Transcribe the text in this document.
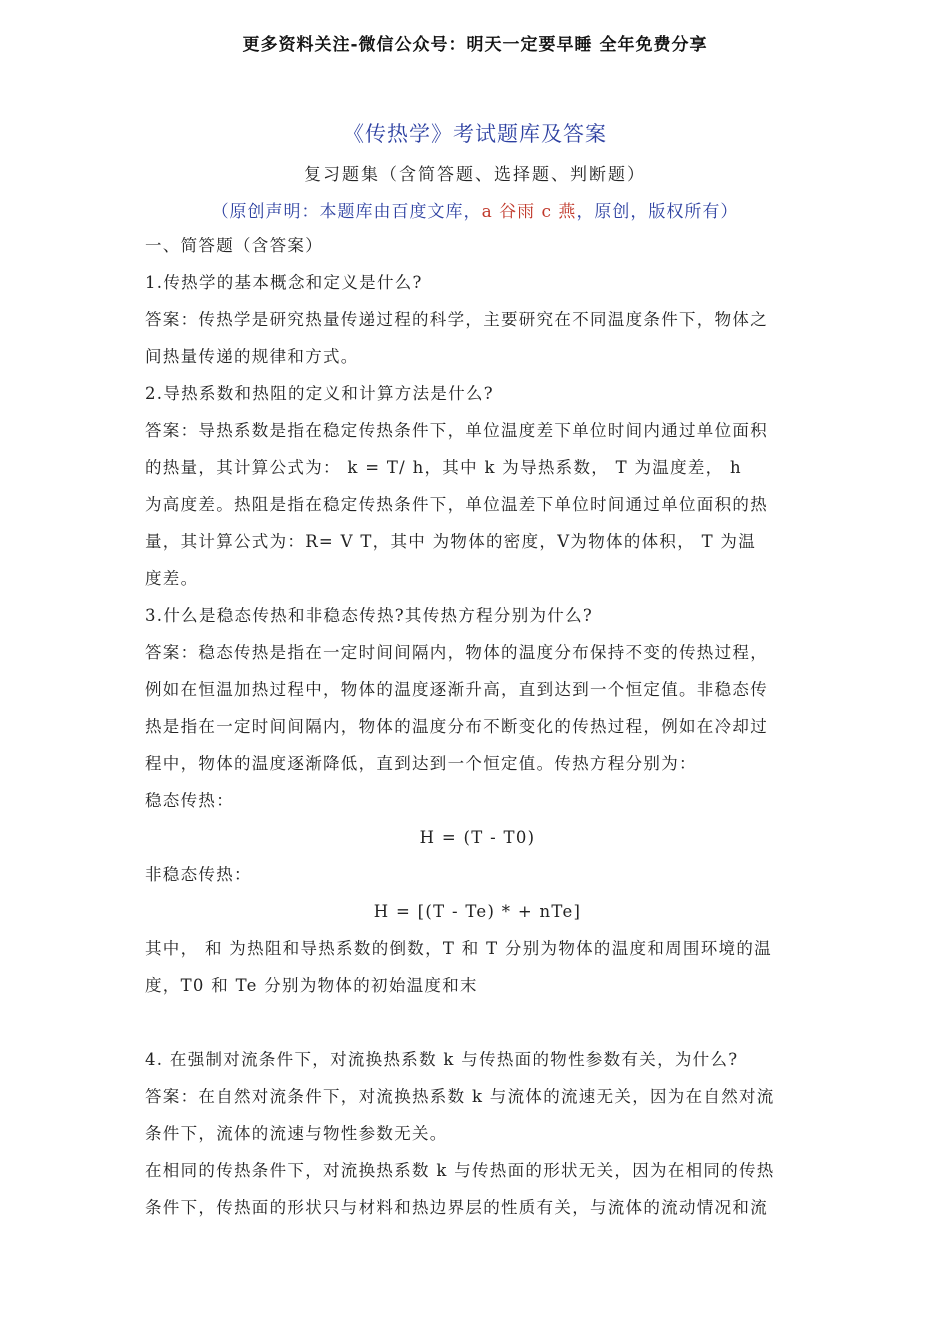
更多资料关注-微信公众号：明天一定要早睡 全年免费分享
《传热学》考试题库及答案
复习题集（含简答题、选择题、判断题）
（原创声明：本题库由百度文库，a 谷雨 c 燕，原创，版权所有）

一、简答题（含答案）

1.传热学的基本概念和定义是什么?

答案：传热学是研究热量传递过程的科学，主要研究在不同温度条件下，物体之

间热量传递的规律和方式。

2.导热系数和热阻的定义和计算方法是什么?

答案：导热系数是指在稳定传热条件下，单位温度差下单位时间内通过单位面积

的热量，其计算公式为： k = T/ h，其中 k 为导热系数， T 为温度差， h

为高度差。热阻是指在稳定传热条件下，单位温差下单位时间通过单位面积的热

量，其计算公式为：R= V T，其中 为物体的密度，V为物体的体积， T 为温

度差。

3.什么是稳态传热和非稳态传热?其传热方程分别为什么?

答案：稳态传热是指在一定时间间隔内，物体的温度分布保持不变的传热过程，

例如在恒温加热过程中，物体的温度逐渐升高，直到达到一个恒定值。非稳态传

热是指在一定时间间隔内，物体的温度分布不断变化的传热过程，例如在冷却过

程中，物体的温度逐渐降低，直到达到一个恒定值。传热方程分别为：

稳态传热：

H = (T - T0)

非稳态传热：

H = [(T - Te) * + nTe]

其中， 和 为热阻和导热系数的倒数，T 和 T 分别为物体的温度和周围环境的温

度，T0 和 Te 分别为物体的初始温度和末

4. 在强制对流条件下，对流换热系数 k 与传热面的物性参数有关，为什么?

答案：在自然对流条件下，对流换热系数 k 与流体的流速无关，因为在自然对流

条件下，流体的流速与物性参数无关。

在相同的传热条件下，对流换热系数 k 与传热面的形状无关，因为在相同的传热

条件下，传热面的形状只与材料和热边界层的性质有关，与流体的流动情况和流
